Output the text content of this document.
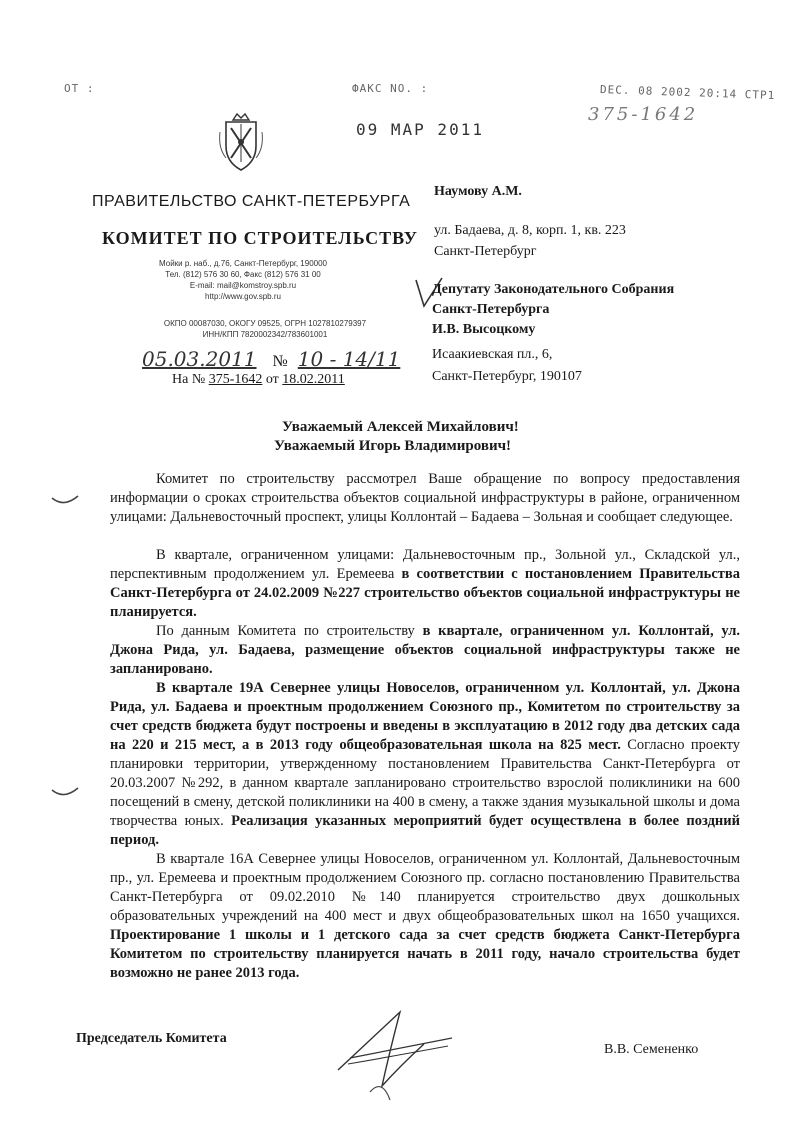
ОТ :	ФАКС NO. :	DEC. 08 2002 20:14 СТР1
375-1642
09 МАР 2011
ПРАВИТЕЛЬСТВО САНКТ-ПЕТЕРБУРГА
КОМИТЕТ ПО СТРОИТЕЛЬСТВУ
Мойки р. наб., д.76, Санкт-Петербург, 190000
Тел. (812) 576 30 60, Факс (812) 576 31 00
E-mail: mail@komstroy.spb.ru
http://www.gov.spb.ru
ОКПО 00087030, ОКОГУ 09525, ОГРН 1027810279397
ИНН/КПП 7820002342/783601001
05.03.2011 № 10 - 14/11
На № 375-1642 от 18.02.2011
Наумову А.М.
ул. Бадаева, д. 8, корп. 1, кв. 223
Санкт-Петербург
Депутату Законодательного Собрания
Санкт-Петербурга
И.В. Высоцкому
Исаакиевская пл., 6,
Санкт-Петербург, 190107
Уважаемый Алексей Михайлович!
Уважаемый Игорь Владимирович!
Комитет по строительству рассмотрел Ваше обращение по вопросу предоставления информации о сроках строительства объектов социальной инфраструктуры в районе, ограниченном улицами: Дальневосточный проспект, улицы Коллонтай – Бадаева – Зольная и сообщает следующее.
В квартале, ограниченном улицами: Дальневосточным пр., Зольной ул., Складской ул., перспективным продолжением ул. Еремеева в соответствии с постановлением Правительства Санкт-Петербурга от 24.02.2009 №227 строительство объектов социальной инфраструктуры не планируется.
По данным Комитета по строительству в квартале, ограниченном ул. Коллонтай, ул. Джона Рида, ул. Бадаева, размещение объектов социальной инфраструктуры также не запланировано.
В квартале 19А Севернее улицы Новоселов, ограниченном ул. Коллонтай, ул. Джона Рида, ул. Бадаева и проектным продолжением Союзного пр., Комитетом по строительству за счет средств бюджета будут построены и введены в эксплуатацию в 2012 году два детских сада на 220 и 215 мест, а в 2013 году общеобразовательная школа на 825 мест. Согласно проекту планировки территории, утвержденному постановлением Правительства Санкт-Петербурга от 20.03.2007 №292, в данном квартале запланировано строительство взрослой поликлиники на 600 посещений в смену, детской поликлиники на 400 в смену, а также здания музыкальной школы и дома творчества юных. Реализация указанных мероприятий будет осуществлена в более поздний период.
В квартале 16А Севернее улицы Новоселов, ограниченном ул. Коллонтай, Дальневосточным пр., ул. Еремеева и проектным продолжением Союзного пр. согласно постановлению Правительства Санкт-Петербурга от 09.02.2010 №140 планируется строительство двух дошкольных образовательных учреждений на 400 мест и двух общеобразовательных школ на 1650 учащихся. Проектирование 1 школы и 1 детского сада за счет средств бюджета Санкт-Петербурга Комитетом по строительству планируется начать в 2011 году, начало строительства будет возможно не ранее 2013 года.
Председатель Комитета
В.В. Семененко
